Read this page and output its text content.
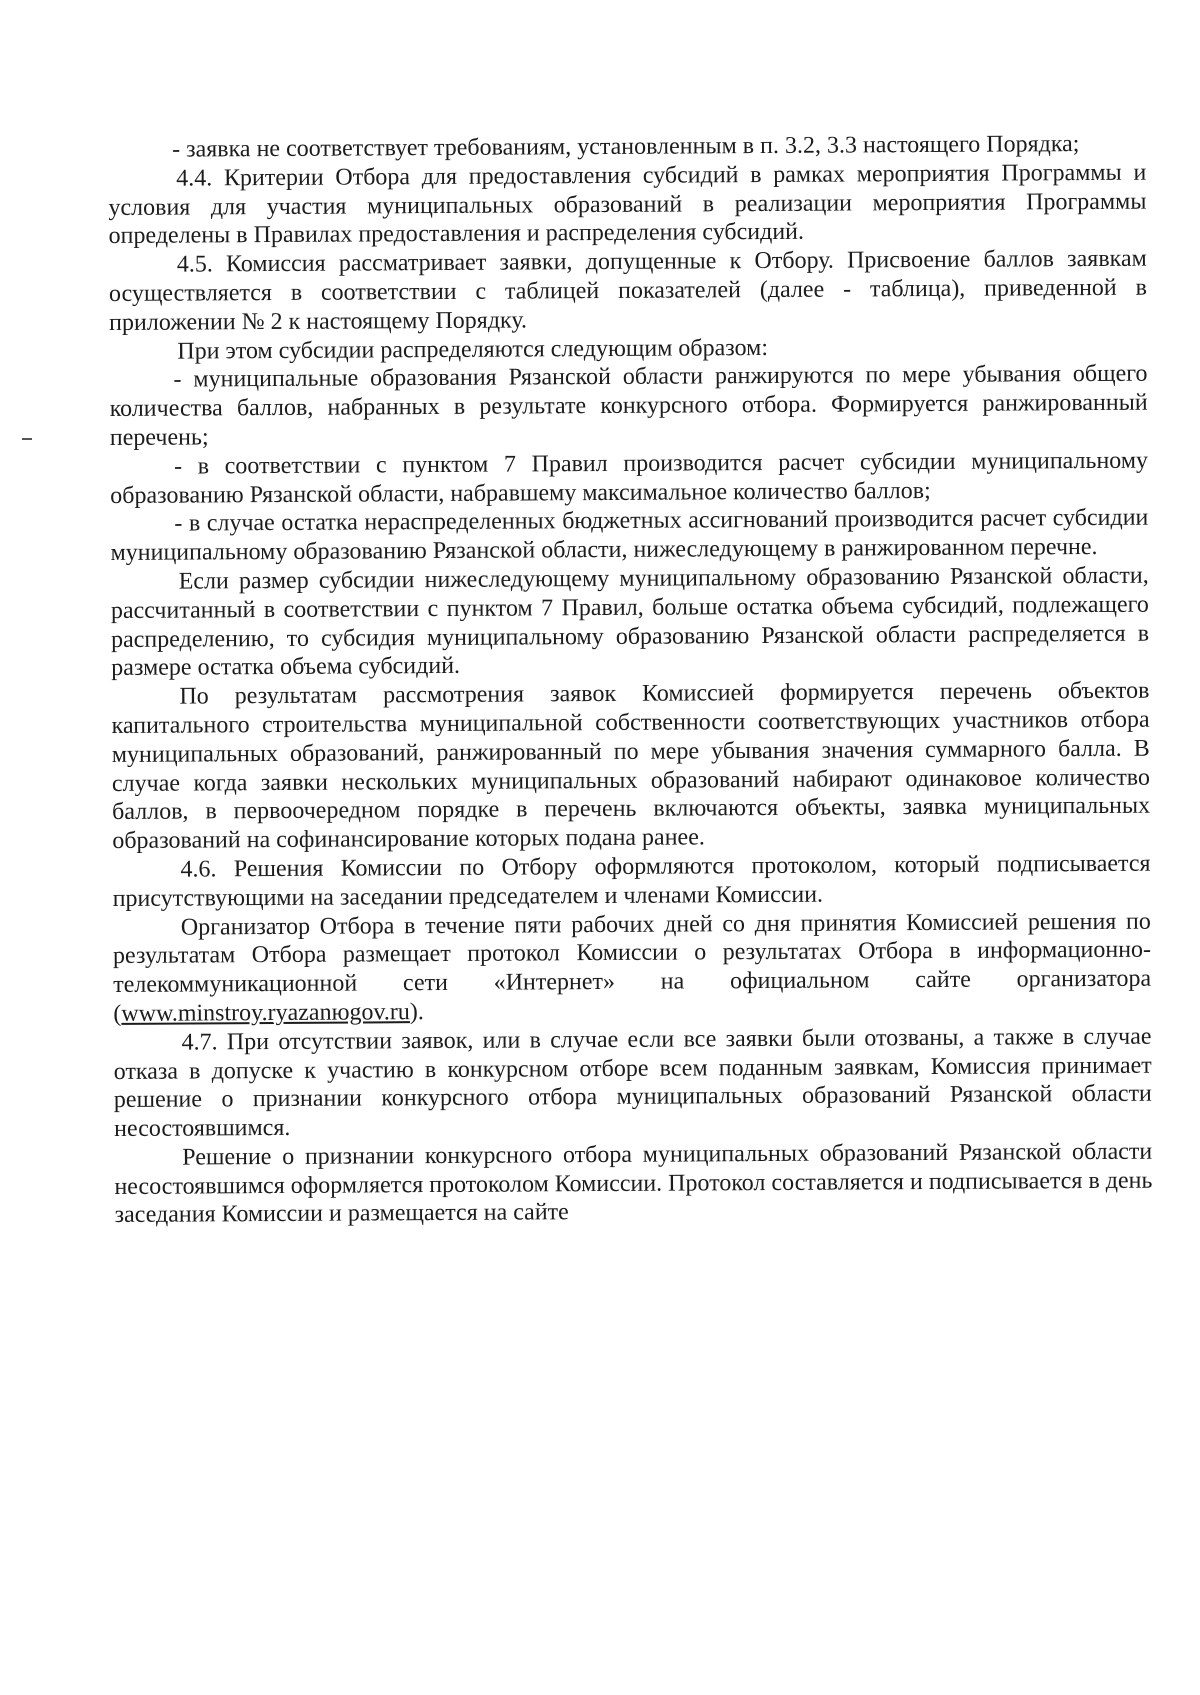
- заявка не соответствует требованиям, установленным в п. 3.2, 3.3 настоящего Порядка;

4.4. Критерии Отбора для предоставления субсидий в рамках мероприятия Программы и условия для участия муниципальных образований в реализации мероприятия Программы определены в Правилах предоставления и распределения субсидий.

4.5. Комиссия рассматривает заявки, допущенные к Отбору. Присвоение баллов заявкам осуществляется в соответствии с таблицей показателей (далее - таблица), приведенной в приложении № 2 к настоящему Порядку.

При этом субсидии распределяются следующим образом:

- муниципальные образования Рязанской области ранжируются по мере убывания общего количества баллов, набранных в результате конкурсного отбора. Формируется ранжированный перечень;

- в соответствии с пунктом 7 Правил производится расчет субсидии муниципальному образованию Рязанской области, набравшему максимальное количество баллов;

- в случае остатка нераспределенных бюджетных ассигнований производится расчет субсидии муниципальному образованию Рязанской области, нижеследующему в ранжированном перечне.

Если размер субсидии нижеследующему муниципальному образованию Рязанской области, рассчитанный в соответствии с пунктом 7 Правил, больше остатка объема субсидий, подлежащего распределению, то субсидия муниципальному образованию Рязанской области распределяется в размере остатка объема субсидий.

По результатам рассмотрения заявок Комиссией формируется перечень объектов капитального строительства муниципальной собственности соответствующих участников отбора муниципальных образований, ранжированный по мере убывания значения суммарного балла. В случае когда заявки нескольких муниципальных образований набирают одинаковое количество баллов, в первоочередном порядке в перечень включаются объекты, заявка муниципальных образований на софинансирование которых подана ранее.

4.6. Решения Комиссии по Отбору оформляются протоколом, который подписывается присутствующими на заседании председателем и членами Комиссии.

Организатор Отбора в течение пяти рабочих дней со дня принятия Комиссией решения по результатам Отбора размещает протокол Комиссии о результатах Отбора в информационно-телекоммуникационной сети «Интернет» на официальном сайте организатора (www.minstroy.ryazanюgov.ru).

4.7. При отсутствии заявок, или в случае если все заявки были отозваны, а также в случае отказа в допуске к участию в конкурсном отборе всем поданным заявкам, Комиссия принимает решение о признании конкурсного отбора муниципальных образований Рязанской области несостоявшимся.

Решение о признании конкурсного отбора муниципальных образований Рязанской области несостоявшимся оформляется протоколом Комиссии. Протокол составляется и подписывается в день заседания Комиссии и размещается на сайте
